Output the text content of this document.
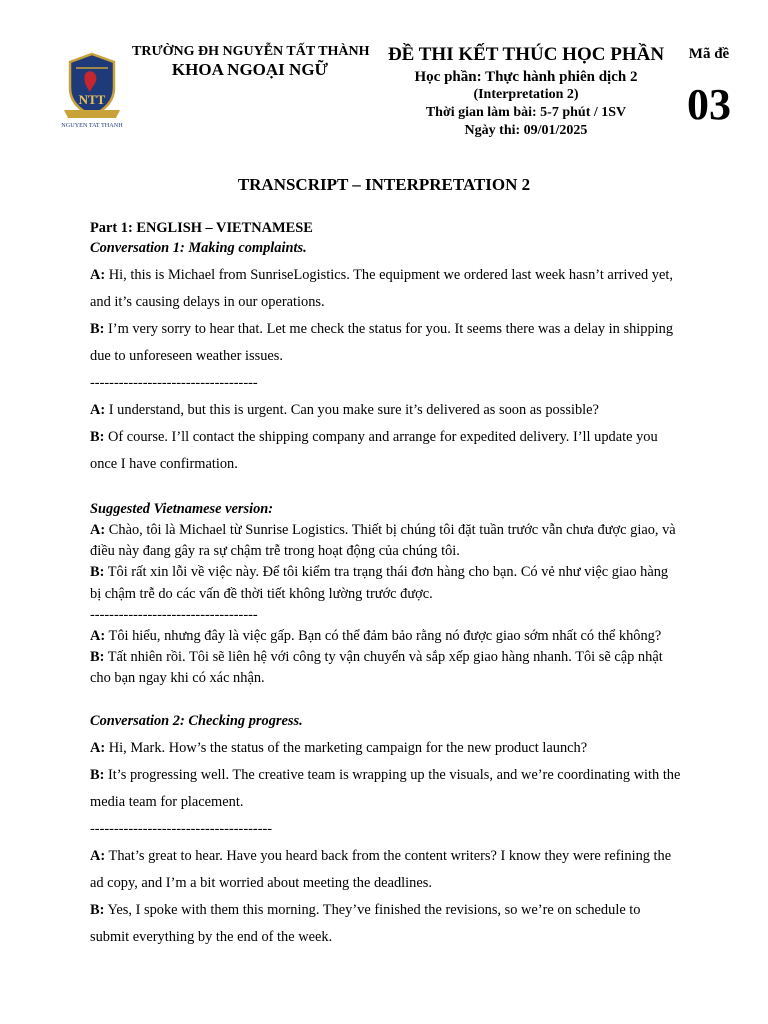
NTT
NGUYEN TAT THANH
TRƯỜNG ĐH NGUYỄN TẤT THÀNH
KHOA NGOẠI NGỮ
ĐỀ THI KẾT THÚC HỌC PHẦN
Học phần: Thực hành phiên dịch 2
(Interpretation 2)
Thời gian làm bài: 5-7 phút / 1SV
Ngày thi: 09/01/2025
Mã đề
03
TRANSCRIPT – INTERPRETATION 2
Part 1: ENGLISH – VIETNAMESE
Conversation 1: Making complaints.

A: Hi, this is Michael from SunriseLogistics. The equipment we ordered last week hasn’t arrived yet, and it’s causing delays in our operations.

B: I’m very sorry to hear that. Let me check the status for you. It seems there was a delay in shipping due to unforeseen weather issues.

-----------------------------------

A: I understand, but this is urgent. Can you make sure it’s delivered as soon as possible?

B: Of course. I’ll contact the shipping company and arrange for expedited delivery. I’ll update you once I have confirmation.

Suggested Vietnamese version:

A: Chào, tôi là Michael từ Sunrise Logistics. Thiết bị chúng tôi đặt tuần trước vẫn chưa được giao, và điều này đang gây ra sự chậm trễ trong hoạt động của chúng tôi.

B: Tôi rất xin lỗi về việc này. Để tôi kiểm tra trạng thái đơn hàng cho bạn. Có vẻ như việc giao hàng bị chậm trễ do các vấn đề thời tiết không lường trước được.

-----------------------------------

A: Tôi hiểu, nhưng đây là việc gấp. Bạn có thể đảm bảo rằng nó được giao sớm nhất có thể không?

B: Tất nhiên rồi. Tôi sẽ liên hệ với công ty vận chuyển và sắp xếp giao hàng nhanh. Tôi sẽ cập nhật cho bạn ngay khi có xác nhận.

Conversation 2: Checking progress.

A: Hi, Mark. How’s the status of the marketing campaign for the new product launch?

B: It’s progressing well. The creative team is wrapping up the visuals, and we’re coordinating with the media team for placement.

--------------------------------------

A: That’s great to hear. Have you heard back from the content writers? I know they were refining the ad copy, and I’m a bit worried about meeting the deadlines.

B: Yes, I spoke with them this morning. They’ve finished the revisions, so we’re on schedule to submit everything by the end of the week.
